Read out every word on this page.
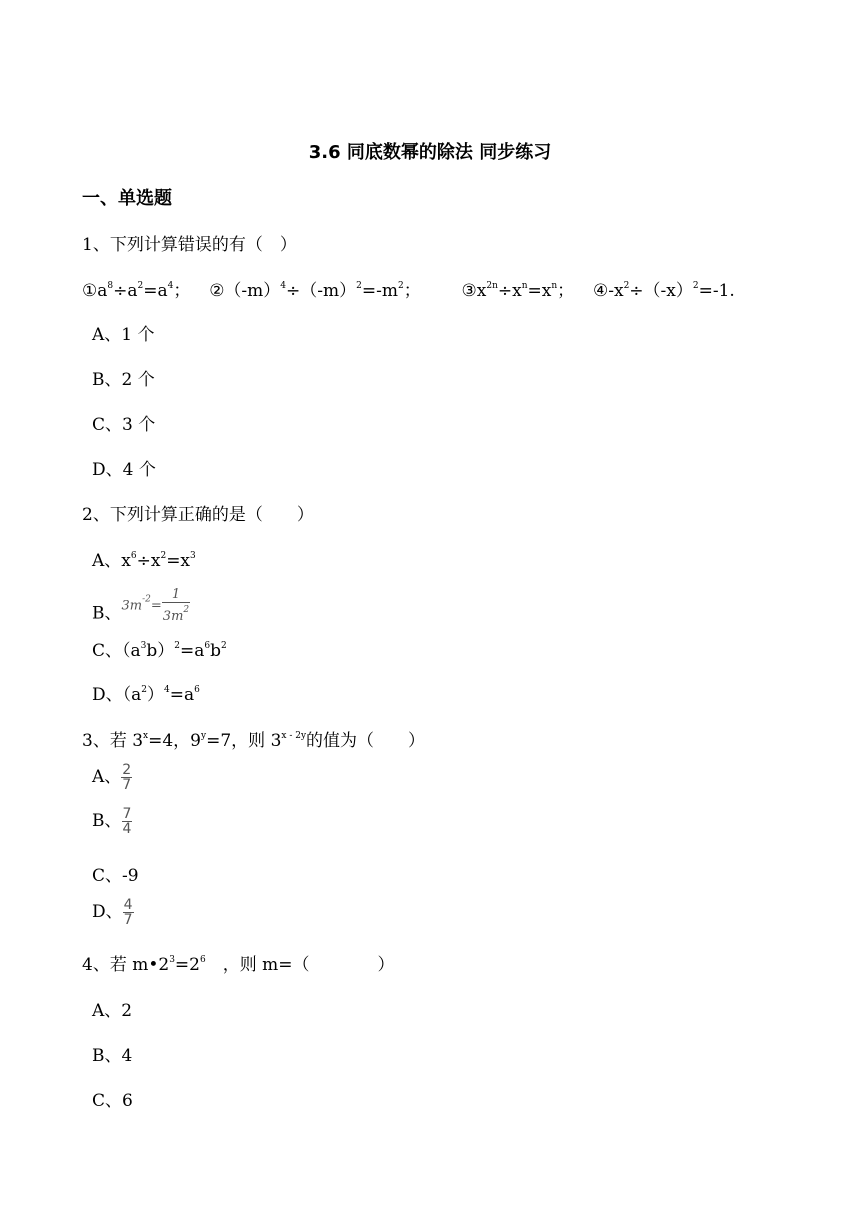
3.6 同底数幂的除法 同步练习
一、单选题
1、下列计算错误的有（　）
$①a^8\div a^2=a^4$； $②(-m)^4\div(-m)^2=-m^2$； $③x^{2n}\div x^n=x^n$； $④-x^2\div(-x)^2=-1$.
A、1 个
B、2 个
C、3 个
D、4 个
2、下列计算正确的是（　　）
A、$x^6\div x^2=x^3$
B、$3m^{-2}= \frac{1}{3m^2}$
C、$(a^3b)^2=a^6b^2$
D、$(a^2)^4=a^6$
3、若 $3^x=4$，$9^y=7$，则 $3^{x - 2y}$的值为（　　）
A、 $\frac{2}{7}$
B、 $\frac{7}{4}$
C、-9
D、 $\frac{4}{7}$
4、若 $m•2^3=2^6$　，则 m=（　　　　）
A、2
B、4
C、6
